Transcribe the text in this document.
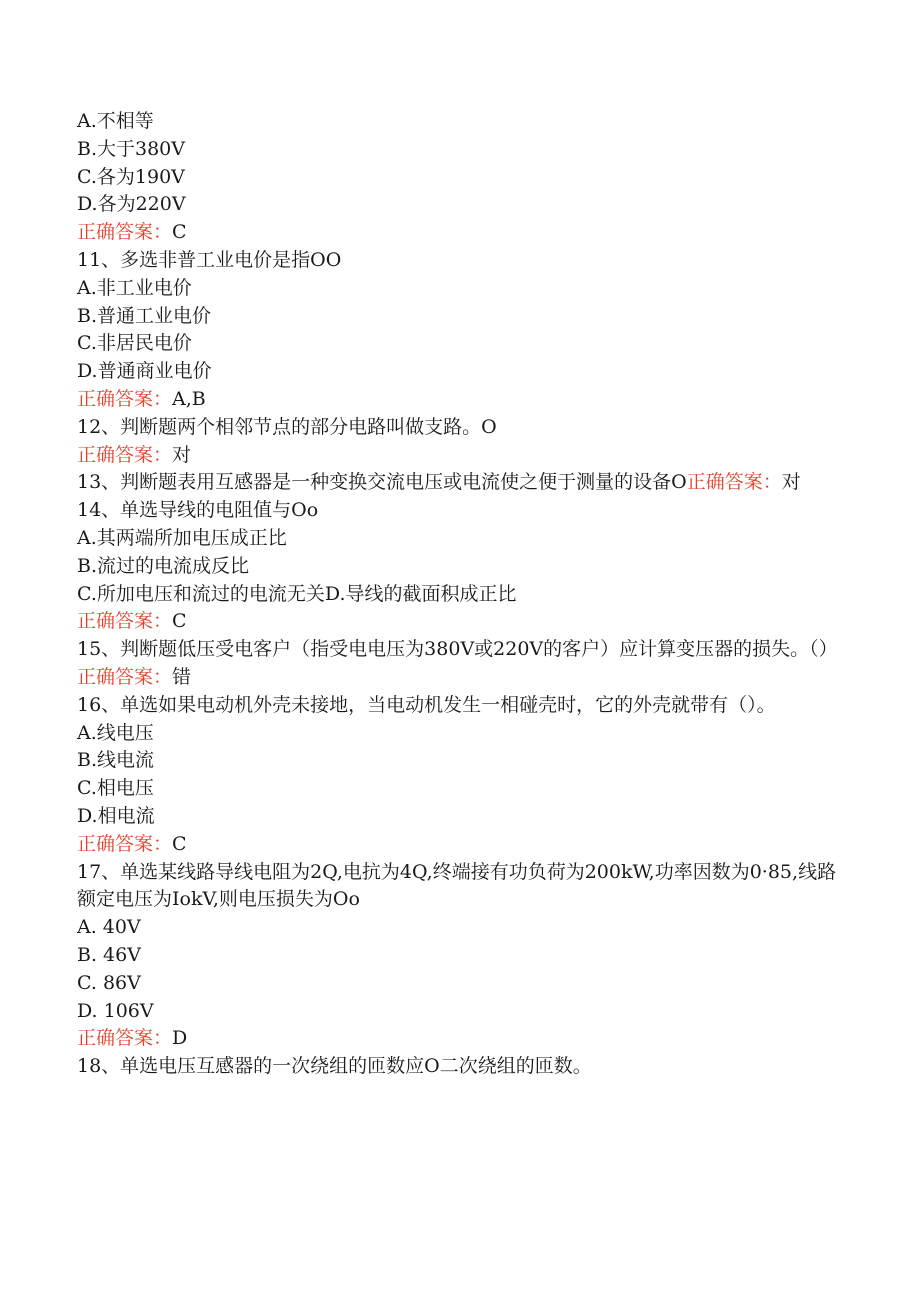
A.不相等
B.大于380V
C.各为190V
D.各为220V
正确答案：C
11、多选非普工业电价是指OO
A.非工业电价
B.普通工业电价
C.非居民电价
D.普通商业电价
正确答案：A,B
12、判断题两个相邻节点的部分电路叫做支路。O
正确答案：对
13、判断题表用互感器是一种变换交流电压或电流使之便于测量的设备O正确答案：对
14、单选导线的电阻值与Oo
A.其两端所加电压成正比
B.流过的电流成反比
C.所加电压和流过的电流无关D.导线的截面积成正比
正确答案：C
15、判断题低压受电客户（指受电电压为380V或220V的客户）应计算变压器的损失。（）
正确答案：错
16、单选如果电动机外壳未接地，当电动机发生一相碰壳时，它的外壳就带有（）。
A.线电压
B.线电流
C.相电压
D.相电流
正确答案：C
17、单选某线路导线电阻为2Q,电抗为4Q,终端接有功负荷为200kW,功率因数为0·85,线路额定电压为IokV,则电压损失为Oo
A. 40V
B. 46V
C. 86V
D. 106V
正确答案：D
18、单选电压互感器的一次绕组的匝数应O二次绕组的匝数。
